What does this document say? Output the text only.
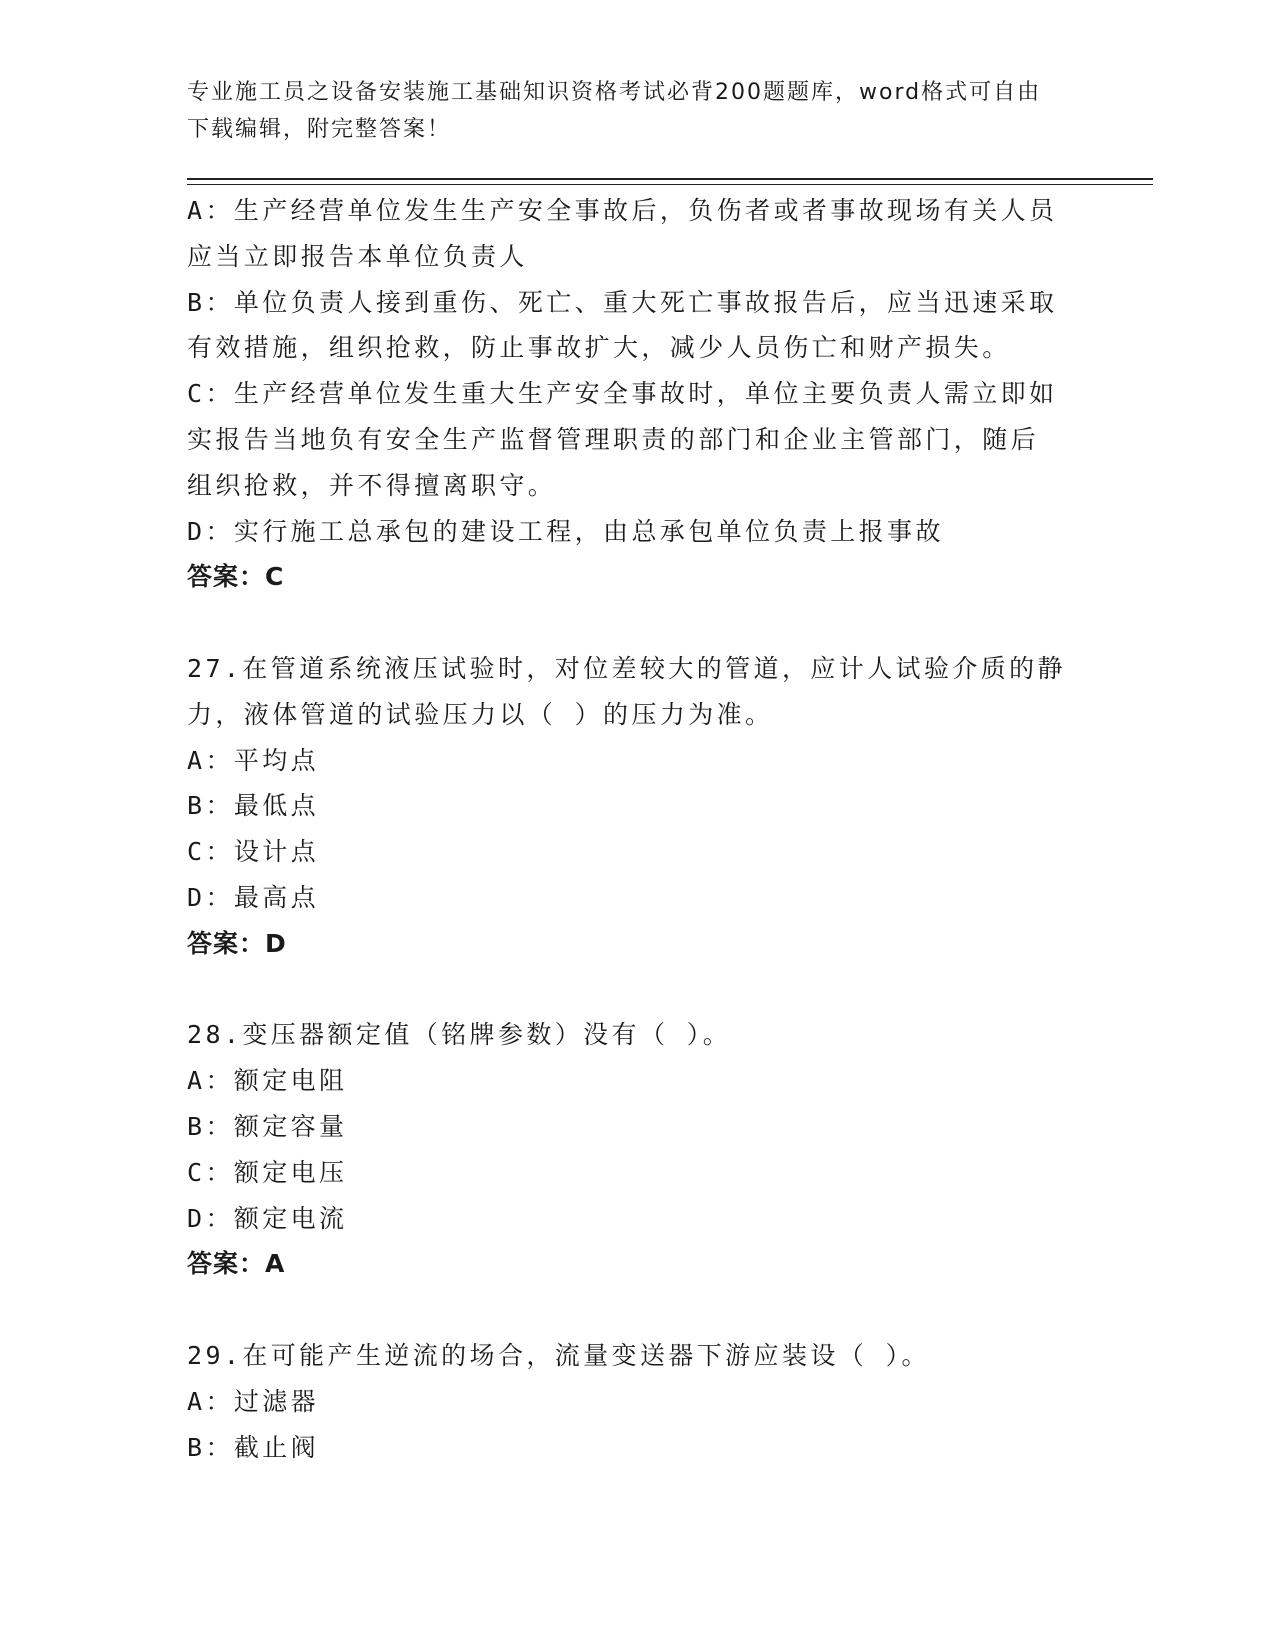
专业施工员之设备安装施工基础知识资格考试必背200题题库，word格式可自由
下载编辑，附完整答案！
A：生产经营单位发生生产安全事故后，负伤者或者事故现场有关人员
应当立即报告本单位负责人
B：单位负责人接到重伤、死亡、重大死亡事故报告后，应当迅速采取
有效措施，组织抢救，防止事故扩大，减少人员伤亡和财产损失。
C：生产经营单位发生重大生产安全事故时，单位主要负责人需立即如
实报告当地负有安全生产监督管理职责的部门和企业主管部门，随后
组织抢救，并不得擅离职守。
D：实行施工总承包的建设工程，由总承包单位负责上报事故
答案：C
27.在管道系统液压试验时，对位差较大的管道，应计人试验介质的静
力，液体管道的试验压力以（ ）的压力为准。
A：平均点
B：最低点
C：设计点
D：最高点
答案：D
28.变压器额定值（铭牌参数）没有（ ）。
A：额定电阻
B：额定容量
C：额定电压
D：额定电流
答案：A
29.在可能产生逆流的场合，流量变送器下游应装设（ ）。
A：过滤器
B：截止阀
